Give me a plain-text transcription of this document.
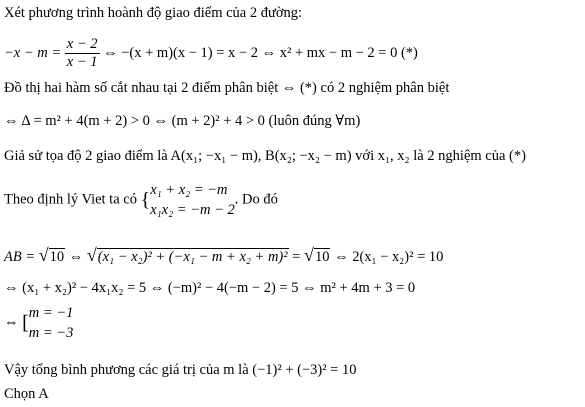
Xét phương trình hoành độ giao điểm của 2 đường:
$-x - m = \frac{x - 2}{x - 1}$ ⇔ −(x + m)(x − 1) = x − 2 ⇔ x² + mx − m − 2 = 0 (*)
Đồ thị hai hàm số cắt nhau tại 2 điểm phân biệt ⇔ (*) có 2 nghiệm phân biệt
⇔ Δ = m² + 4(m + 2) > 0 ⇔ (m + 2)² + 4 > 0 (luôn đúng ∀m)
Giả sử tọa độ 2 giao điểm là A(x₁; −x₁ − m), B(x₂; −x₂ − m) với x₁, x₂ là 2 nghiệm của (*)
Theo định lý Viet ta có { x₁ + x₂ = −m
x₁x₂ = −m − 2
. Do đó
AB = √10 ⇔ √(x₁ − x₂)² + (−x₁ − m + x₂ + m)² = √10 ⇔ 2(x₁ − x₂)² = 10
⇔ (x₁ + x₂)² − 4x₁x₂ = 5 ⇔ (−m)² − 4(−m − 2) = 5 ⇔ m² + 4m + 3 = 0
⇔ [ m = −1
m = −3
Vậy tổng bình phương các giá trị của m là (−1)² + (−3)² = 10
Chọn A
